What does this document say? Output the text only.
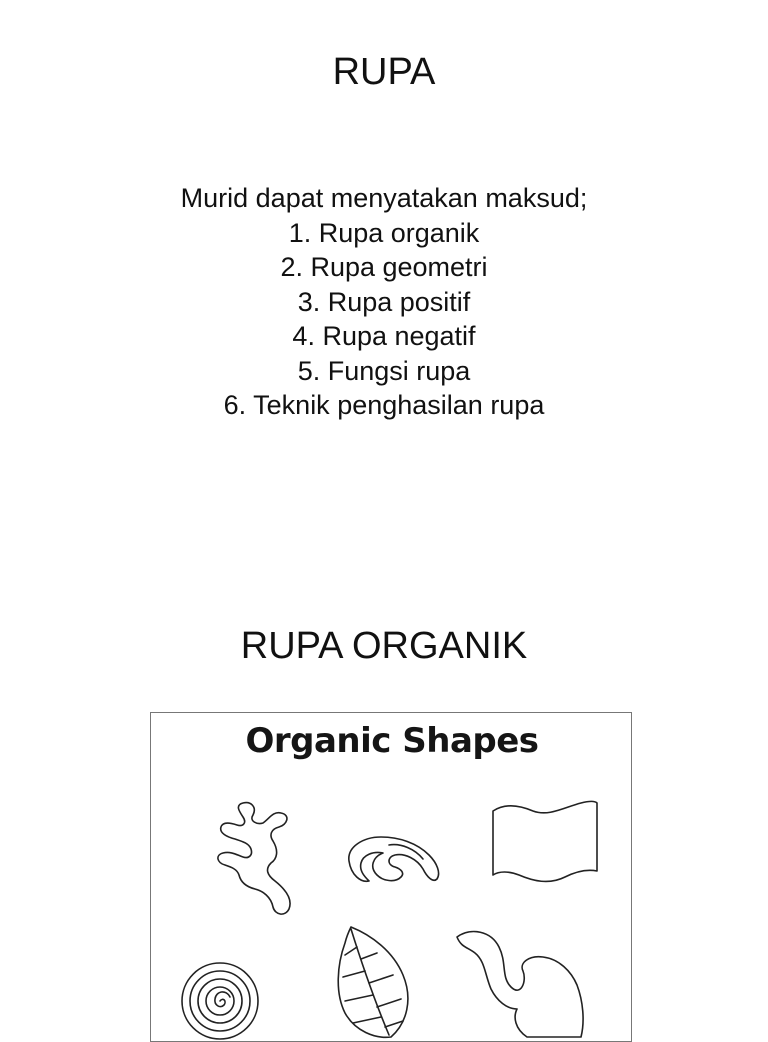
RUPA
Murid dapat menyatakan maksud;
1. Rupa organik
2. Rupa geometri
3. Rupa positif
4. Rupa negatif
5. Fungsi rupa
6. Teknik penghasilan rupa
RUPA ORGANIK
Organic Shapes
